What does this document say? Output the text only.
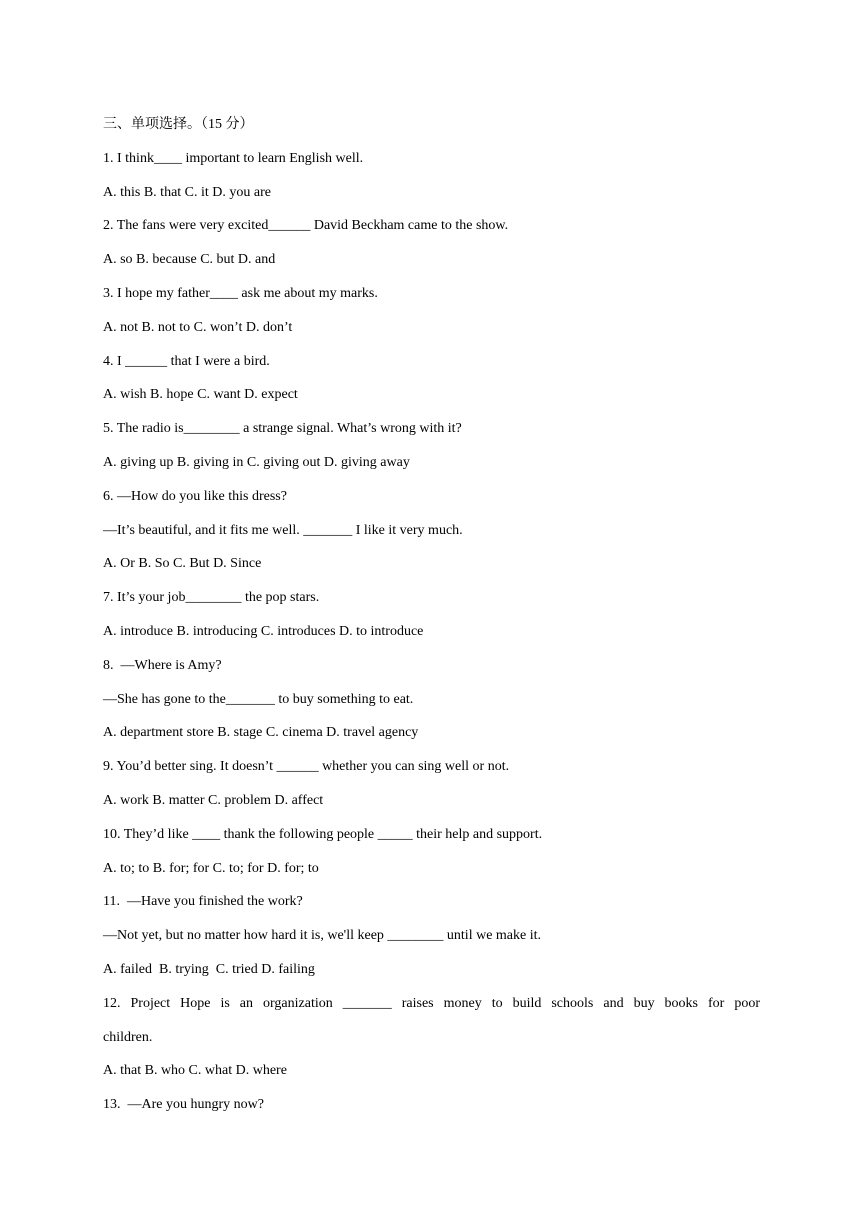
三、单项选择。（15 分）
1. I think____ important to learn English well.
A. this B. that C. it D. you are
2. The fans were very excited______ David Beckham came to the show.
A. so B. because C. but D. and
3. I hope my father____ ask me about my marks.
A. not B. not to C. won’t D. don’t
4. I ______ that I were a bird.
A. wish B. hope C. want D. expect
5. The radio is________ a strange signal. What’s wrong with it?
A. giving up B. giving in C. giving out D. giving away
6. —How do you like this dress?
—It’s beautiful, and it fits me well. _______ I like it very much.
A. Or B. So C. But D. Since
7. It’s your job________ the pop stars.
A. introduce B. introducing C. introduces D. to introduce
8.  —Where is Amy?
—She has gone to the_______ to buy something to eat.
A. department store B. stage C. cinema D. travel agency
9. You’d better sing. It doesn’t ______ whether you can sing well or not.
A. work B. matter C. problem D. affect
10. They’d like ____ thank the following people _____ their help and support.
A. to; to B. for; for C. to; for D. for; to
11.  —Have you finished the work?
—Not yet, but no matter how hard it is, we'll keep ________ until we make it.
A. failed  B. trying  C. tried D. failing
12. Project Hope is an organization _______ raises money to build schools and buy books for poor
children.
A. that B. who C. what D. where
13.  —Are you hungry now?
